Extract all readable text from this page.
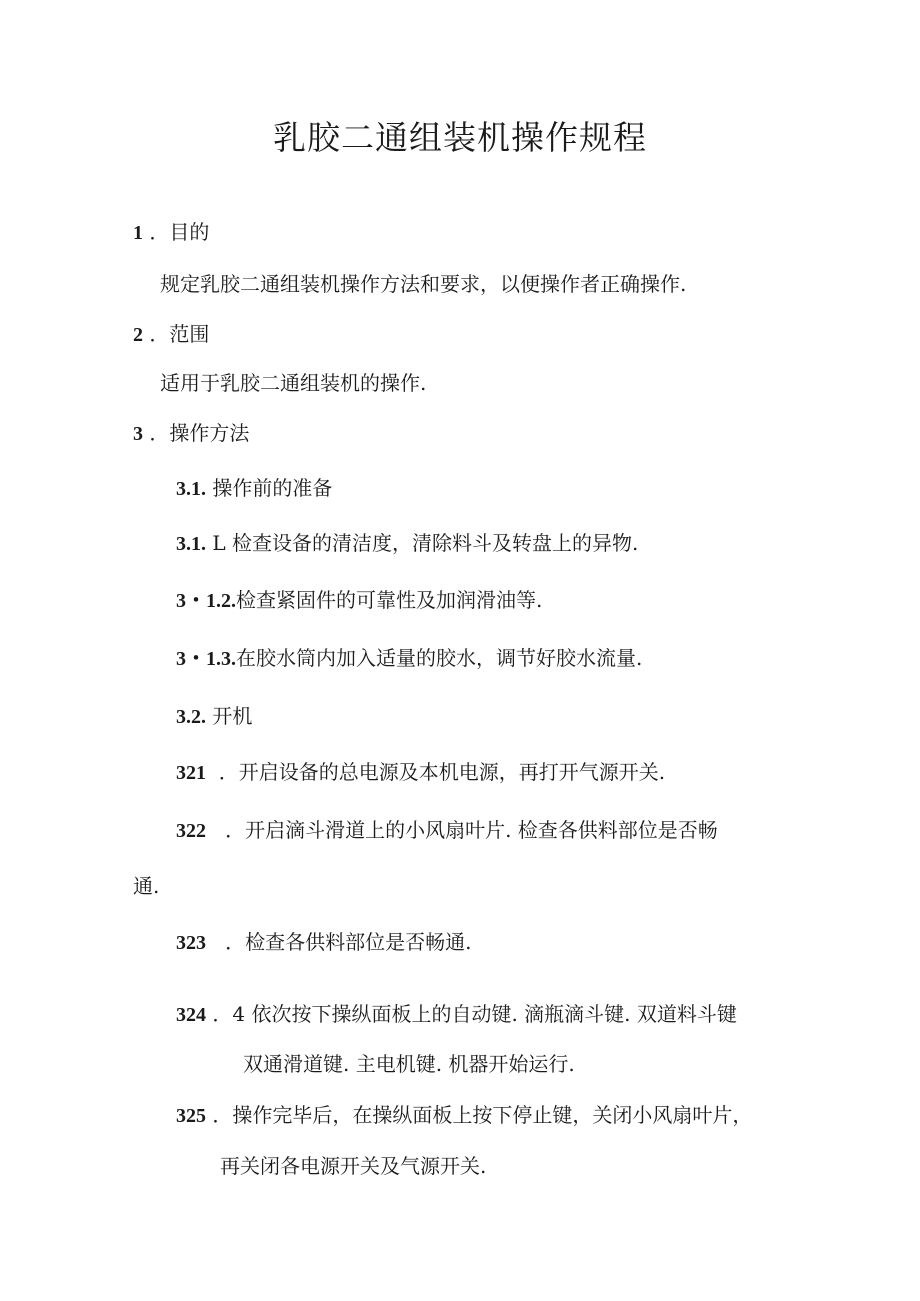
乳胶二通组装机操作规程
1 ．目的
规定乳胶二通组装机操作方法和要求，以便操作者正确操作.
2 ．范围
适用于乳胶二通组装机的操作.
3 ．操作方法
3.1. 操作前的准备
3.1. L 检查设备的清洁度，清除料斗及转盘上的异物.
3・1.2.检查紧固件的可靠性及加润滑油等.
3・1.3.在胶水筒内加入适量的胶水，调节好胶水流量.
3.2. 开机
321 ．开启设备的总电源及本机电源，再打开气源开关.
322 ．开启滴斗滑道上的小风扇叶片. 检查各供料部位是否畅
通.
323 ．检查各供料部位是否畅通.
324 ．4 依次按下操纵面板上的自动键. 滴瓶滴斗键. 双道料斗键
双通滑道键. 主电机键. 机器开始运行.
325 ．操作完毕后，在操纵面板上按下停止键，关闭小风扇叶片，
再关闭各电源开关及气源开关.
